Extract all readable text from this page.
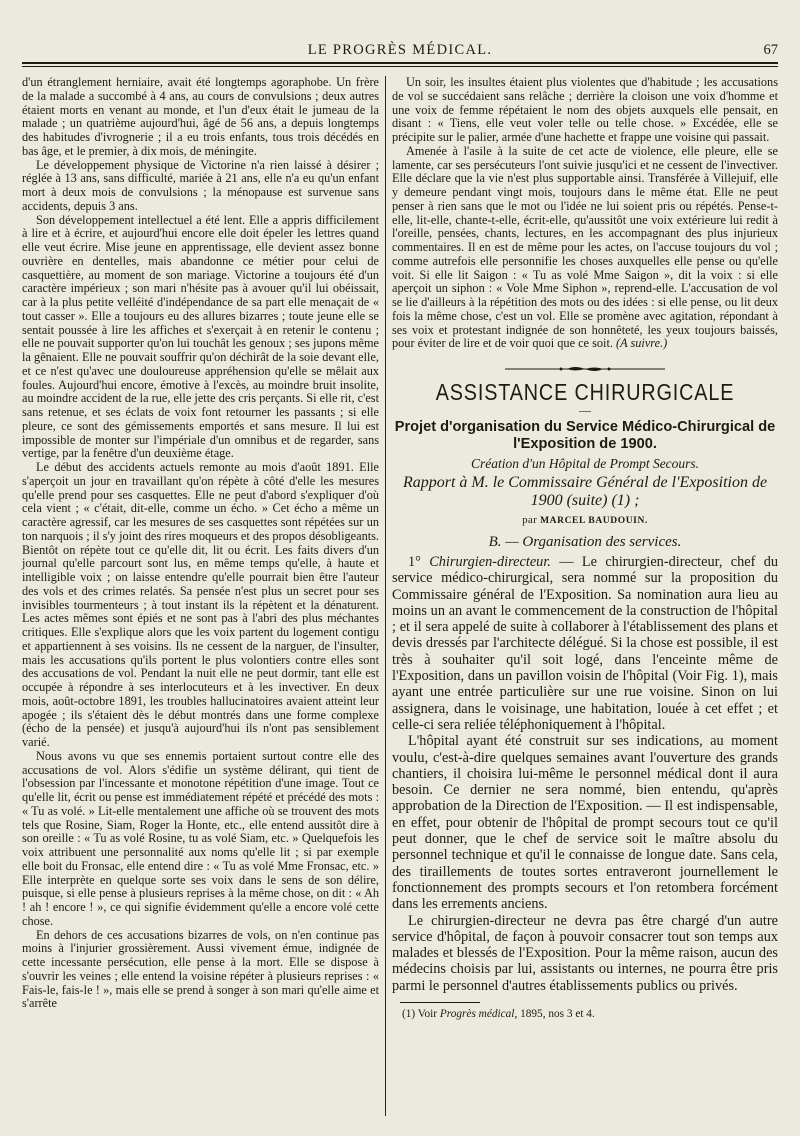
LE PROGRÈS MÉDICAL.	67

d'un étranglement herniaire, avait été longtemps agoraphobe. Un frère de la malade a succombé à 4 ans, au cours de convulsions ; deux autres étaient morts en venant au monde, et l'un d'eux était le jumeau de la malade ; un quatrième aujourd'hui, âgé de 56 ans, a depuis longtemps des habitudes d'ivrognerie ; il a eu trois enfants, tous trois décédés en bas âge, et le premier, à dix mois, de méningite.

Le développement physique de Victorine n'a rien laissé à désirer ; réglée à 13 ans, sans difficulté, mariée à 21 ans, elle n'a eu qu'un enfant mort à deux mois de convulsions ; la ménopause est survenue sans accidents, depuis 3 ans.

Son développement intellectuel a été lent. Elle a appris difficilement à lire et à écrire, et aujourd'hui encore elle doit épeler les lettres quand elle veut écrire. Mise jeune en apprentissage, elle devient assez bonne ouvrière en dentelles, mais abandonne ce métier pour celui de casquettière, au moment de son mariage. Victorine a toujours été d'un caractère impérieux ; son mari n'hésite pas à avouer qu'il lui obéissait, car à la plus petite velléité d'indépendance de sa part elle menaçait de « tout casser ». Elle a toujours eu des allures bizarres ; toute jeune elle se sentait poussée à lire les affiches et s'exerçait à en retenir le contenu ; elle ne pouvait supporter qu'on lui touchât les genoux ; ses jupons même la gênaient. Elle ne pouvait souffrir qu'on déchirât de la soie devant elle, et ce n'est qu'avec une douloureuse appréhension qu'elle se mêlait aux foules. Aujourd'hui encore, émotive à l'excès, au moindre bruit insolite, au moindre accident de la rue, elle jette des cris perçants. Si elle rit, c'est sans retenue, et ses éclats de voix font retourner les passants ; si elle pleure, ce sont des gémissements emportés et sans mesure. Il lui est impossible de monter sur l'impériale d'un omnibus et de regarder, sans vertige, par la fenêtre d'un deuxième étage.

Le début des accidents actuels remonte au mois d'août 1891. Elle s'aperçoit un jour en travaillant qu'on répète à côté d'elle les mesures qu'elle prend pour ses casquettes. Elle ne peut d'abord s'expliquer d'où cela vient ; « c'était, dit-elle, comme un écho. » Cet écho a même un caractère agressif, car les mesures de ses casquettes sont répétées sur un ton narquois ; il s'y joint des rires moqueurs et des propos désobligeants. Bientôt on répète tout ce qu'elle dit, lit ou écrit. Les faits divers d'un journal qu'elle parcourt sont lus, en même temps qu'elle, à haute et intelligible voix ; on laisse entendre qu'elle pourrait bien être l'auteur des vols et des crimes relatés. Sa pensée n'est plus un secret pour ses invisibles tourmenteurs ; à tout instant ils la répètent et la dénaturent. Les actes mêmes sont épiés et ne sont pas à l'abri des plus méchantes critiques. Elle s'explique alors que les voix partent du logement contigu et appartiennent à ses voisins. Ils ne cessent de la narguer, de l'insulter, mais les accusations qu'ils portent le plus volontiers contre elles sont des accusations de vol. Pendant la nuit elle ne peut dormir, tant elle est occupée à répondre à ses interlocuteurs et à les invectiver. En deux mois, août-octobre 1891, les troubles hallucinatoires avaient atteint leur apogée ; ils s'étaient dès le début montrés dans une forme complexe (écho de la pensée) et jusqu'à aujourd'hui ils n'ont pas sensiblement varié.

Nous avons vu que ses ennemis portaient surtout contre elle des accusations de vol. Alors s'édifie un système délirant, qui tient de l'obsession par l'incessante et monotone répétition d'une image. Tout ce qu'elle lit, écrit ou pense est immédiatement répété et précédé des mots : « Tu as volé. » Lit-elle mentalement une affiche où se trouvent des mots tels que Rosine, Siam, Roger la Honte, etc., elle entend aussitôt dire à son oreille : « Tu as volé Rosine, tu as volé Siam, etc. » Quelquefois les voix attribuent une personnalité aux noms qu'elle lit ; si par exemple elle boit du Fronsac, elle entend dire : « Tu as volé Mme Fronsac, etc. » Elle interprète en quelque sorte ses voix dans le sens de son délire, puisque, si elle pense à plusieurs reprises à la même chose, on dit : « Ah ! ah ! encore ! », ce qui signifie évidemment qu'elle a encore volé cette chose.

En dehors de ces accusations bizarres de vols, on n'en continue pas moins à l'injurier grossièrement. Aussi vivement émue, indignée de cette incessante persécution, elle pense à la mort. Elle se dispose à s'ouvrir les veines ; elle entend la voisine répéter à plusieurs reprises : « Fais-le, fais-le ! », mais elle se prend à songer à son mari qu'elle aime et s'arrête

Un soir, les insultes étaient plus violentes que d'habitude ; les accusations de vol se succédaient sans relâche ; derrière la cloison une voix d'homme et une voix de femme répétaient le nom des objets auxquels elle pensait, en disant : « Tiens, elle veut voler telle ou telle chose. » Excédée, elle se précipite sur le palier, armée d'une hachette et frappe une voisine qui passait.

Amenée à l'asile à la suite de cet acte de violence, elle pleure, elle se lamente, car ses persécuteurs l'ont suivie jusqu'ici et ne cessent de l'invectiver. Elle déclare que la vie n'est plus supportable ainsi. Transférée à Villejuif, elle y demeure pendant vingt mois, toujours dans le même état. Elle ne peut penser à rien sans que le mot ou l'idée ne lui soient pris ou répétés. Pense-t-elle, lit-elle, chante-t-elle, écrit-elle, qu'aussitôt une voix extérieure lui redit à l'oreille, pensées, chants, lectures, en les accompagnant des plus injurieux commentaires. Il en est de même pour les actes, on l'accuse toujours du vol ; comme autrefois elle personnifie les choses auxquelles elle pense ou qu'elle voit. Si elle lit Saigon : « Tu as volé Mme Saigon », dit la voix : si elle aperçoit un siphon : « Vole Mme Siphon », reprend-elle. L'accusation de vol se lie d'ailleurs à la répétition des mots ou des idées : si elle pense, ou lit deux fois la même chose, c'est un vol. Elle se promène avec agitation, répondant à ses voix et protestant indignée de son honnêteté, les yeux toujours baissés, pour éviter de lire et de voir quoi que ce soit. (A suivre.)

ASSISTANCE CHIRURGICALE
—
Projet d'organisation du Service Médico-Chirurgical de l'Exposition de 1900.
Création d'un Hôpital de Prompt Secours.
Rapport à M. le Commissaire Général de l'Exposition de 1900 (suite) (1) ;
par MARCEL BAUDOUIN.
B. — Organisation des services.

1° Chirurgien-directeur. — Le chirurgien-directeur, chef du service médico-chirurgical, sera nommé sur la proposition du Commissaire général de l'Exposition. Sa nomination aura lieu au moins un an avant le commencement de la construction de l'hôpital ; et il sera appelé de suite à collaborer à l'établissement des plans et devis dressés par l'architecte délégué. Si la chose est possible, il est très à souhaiter qu'il soit logé, dans l'enceinte même de l'Exposition, dans un pavillon voisin de l'hôpital (Voir Fig. 1), mais ayant une entrée particulière sur une rue voisine. Sinon on lui assignera, dans le voisinage, une habitation, louée à cet effet ; et celle-ci sera reliée téléphoniquement à l'hôpital.

L'hôpital ayant été construit sur ses indications, au moment voulu, c'est-à-dire quelques semaines avant l'ouverture des grands chantiers, il choisira lui-même le personnel médical dont il aura besoin. Ce dernier ne sera nommé, bien entendu, qu'après approbation de la Direction de l'Exposition. — Il est indispensable, en effet, pour obtenir de l'hôpital de prompt secours tout ce qu'il peut donner, que le chef de service soit le maître absolu du personnel technique et qu'il le connaisse de longue date. Sans cela, des tiraillements de toutes sortes entraveront journellement le fonctionnement des prompts secours et l'on retombera forcément dans les errements anciens.

Le chirurgien-directeur ne devra pas être chargé d'un autre service d'hôpital, de façon à pouvoir consacrer tout son temps aux malades et blessés de l'Exposition. Pour la même raison, aucun des médecins choisis par lui, assistants ou internes, ne pourra être pris parmi le personnel d'autres établissements publics ou privés.

(1) Voir Progrès médical, 1895, nos 3 et 4.
